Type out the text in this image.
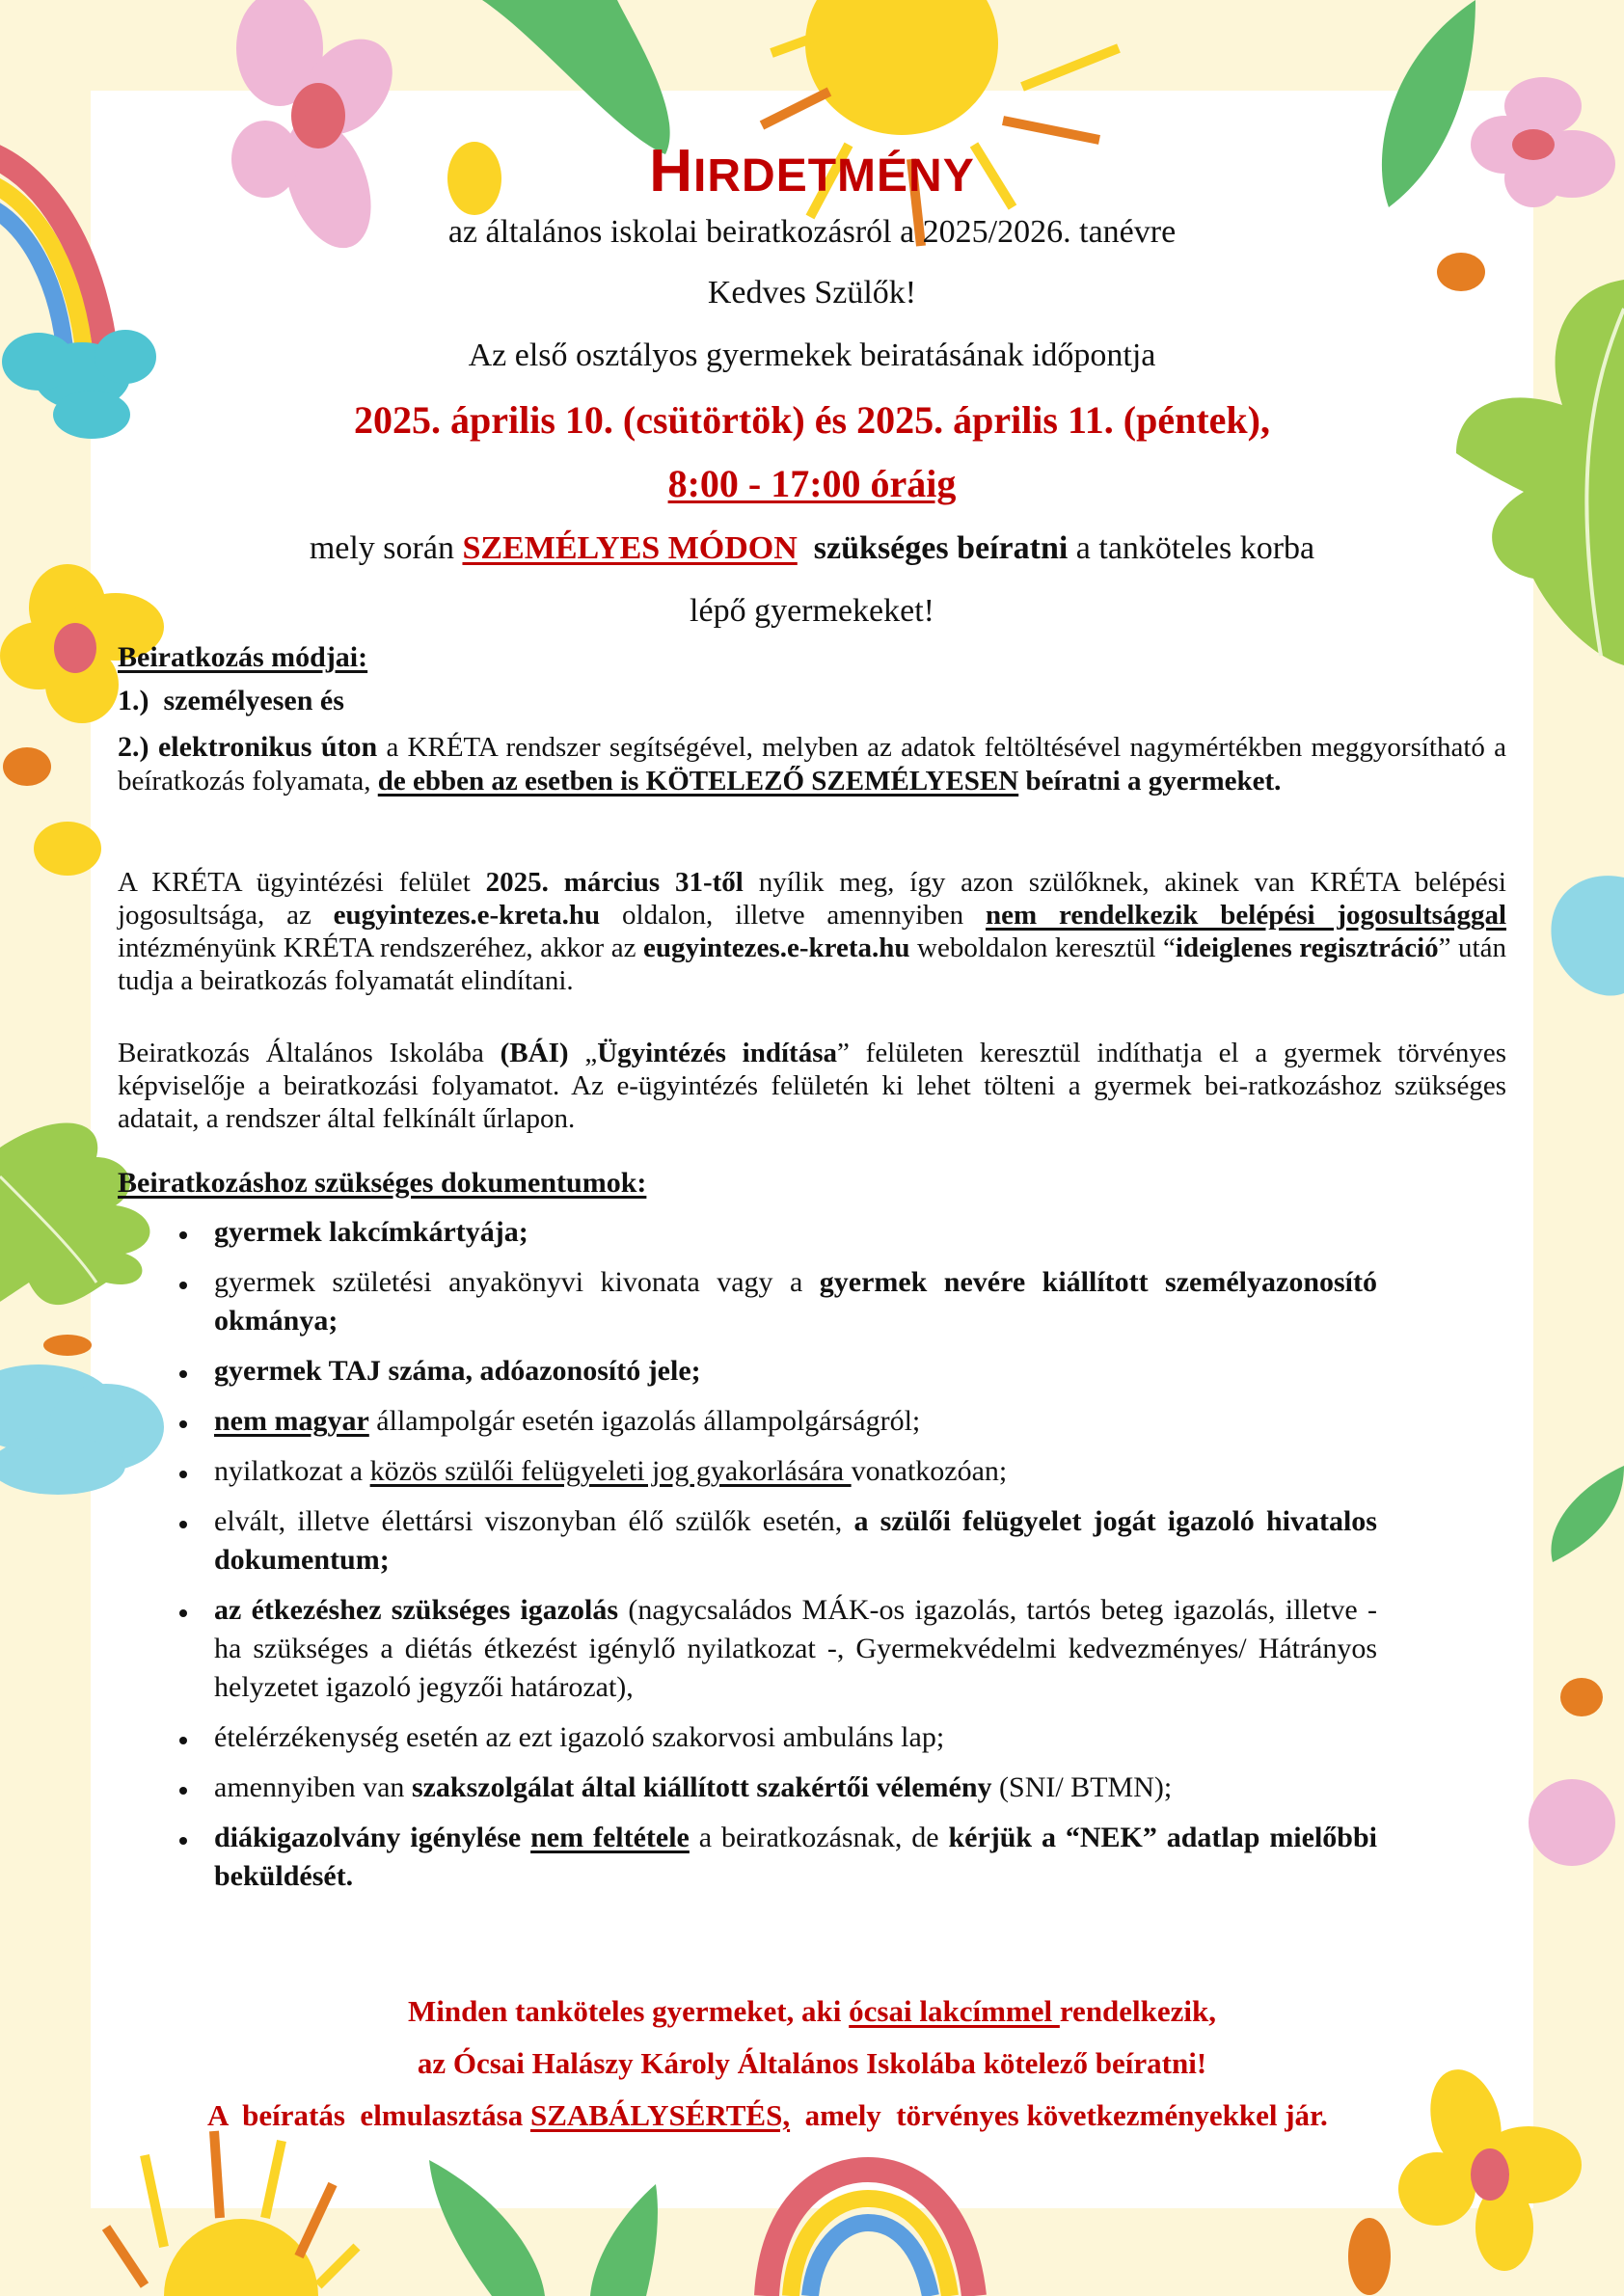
HIRDETMÉNY
az általános iskolai beiratkozásról a 2025/2026. tanévre
Kedves Szülők!
Az első osztályos gyermekek beiratásának időpontja
2025. április 10. (csütörtök) és 2025. április 11. (péntek),
8:00 - 17:00 óráig
mely során SZEMÉLYES MÓDON szükséges beíratni a tanköteles korba
lépő gyermekeket!
Beiratkozás módjai:
1.)  személyesen és

2.) elektronikus úton a KRÉTA rendszer segítségével, melyben az adatok feltöltésével nagymértékben meggyorsítható a beíratkozás folyamata, de ebben az esetben is KÖTELEZŐ SZEMÉLYESEN beíratni a gyermeket.

A KRÉTA ügyintézési felület 2025. március 31-től nyílik meg, így azon szülőknek, akinek van KRÉTA belépési jogosultsága, az eugyintezes.e-kreta.hu oldalon, illetve amennyiben nem rendelkezik belépési jogosultsággal intézményünk KRÉTA rendszeréhez, akkor az eugyintezes.e-kreta.hu weboldalon keresztül “ideiglenes regisztráció” után tudja a beiratkozás folyamatát elindítani.

Beiratkozás Általános Iskolába (BÁI) „Ügyintézés indítása” felületen keresztül indíthatja el a gyermek törvényes képviselője a beiratkozási folyamatot. Az e-ügyintézés felületén ki lehet tölteni a gyermek bei-ratkozáshoz szükséges adatait, a rendszer által felkínált űrlapon.

Beiratkozáshoz szükséges dokumentumok:
gyermek lakcímkártyája;
gyermek születési anyakönyvi kivonata vagy a gyermek nevére kiállított személyazonosító okmánya;
gyermek TAJ száma, adóazonosító jele;
nem magyar állampolgár esetén igazolás állampolgárságról;
nyilatkozat a közös szülői felügyeleti jog gyakorlására vonatkozóan;
elvált, illetve élettársi viszonyban élő szülők esetén, a szülői felügyelet jogát igazoló hivatalos dokumentum;
az étkezéshez szükséges igazolás (nagycsaládos MÁK-os igazolás, tartós beteg igazolás, illetve - ha szükséges a diétás étkezést igénylő nyilatkozat -, Gyermekvédelmi kedvezményes/ Hátrányos helyzetet igazoló jegyzői határozat),
ételérzékenység esetén az ezt igazoló szakorvosi ambuláns lap;
amennyiben van szakszolgálat által kiállított szakértői vélemény (SNI/ BTMN);
diákigazolvány igénylése nem feltétele a beiratkozásnak, de kérjük a “NEK” adatlap mielőbbi beküldését.
Minden tanköteles gyermeket, aki ócsai lakcímmel rendelkezik,
az Ócsai Halászy Károly Általános Iskolába kötelező beíratni!
A  beíratás  elmulasztása SZABÁLYSÉRTÉS,  amely  törvényes következményekkel jár.
